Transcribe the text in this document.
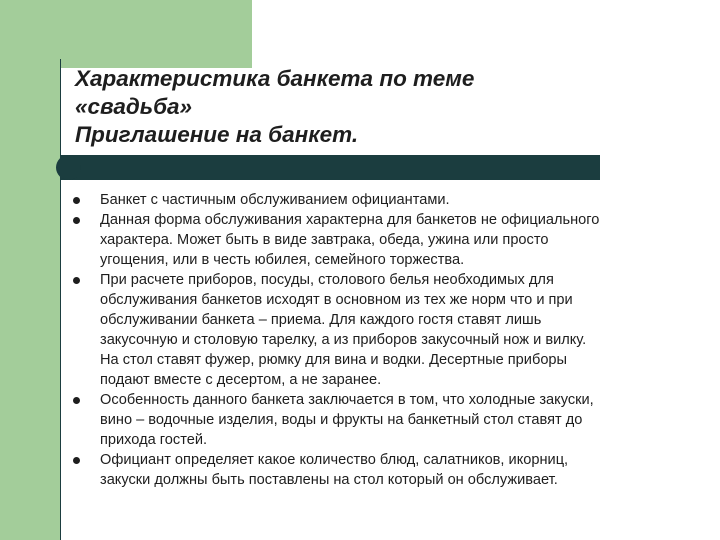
Характеристика банкета по теме
«свадьба»
Приглашение на банкет.
Банкет с частичным обслуживанием официантами.
Данная форма обслуживания характерна для банкетов не официального
характера. Может быть в виде завтрака, обеда, ужина или просто
угощения, или в честь юбилея, семейного торжества.
При расчете приборов, посуды, столового белья необходимых для
обслуживания банкетов исходят в основном из тех же норм что и при
обслуживании банкета – приема. Для каждого гостя ставят лишь
закусочную и столовую тарелку, а из приборов закусочный нож и вилку.
На стол ставят фужер, рюмку для вина и водки. Десертные приборы
подают вместе с десертом, а не заранее.
Особенность данного банкета заключается в том, что холодные закуски,
вино – водочные изделия, воды и фрукты на банкетный стол ставят до
прихода гостей.
Официант определяет какое количество блюд, салатников, икорниц,
закуски должны быть поставлены на стол который он обслуживает.
